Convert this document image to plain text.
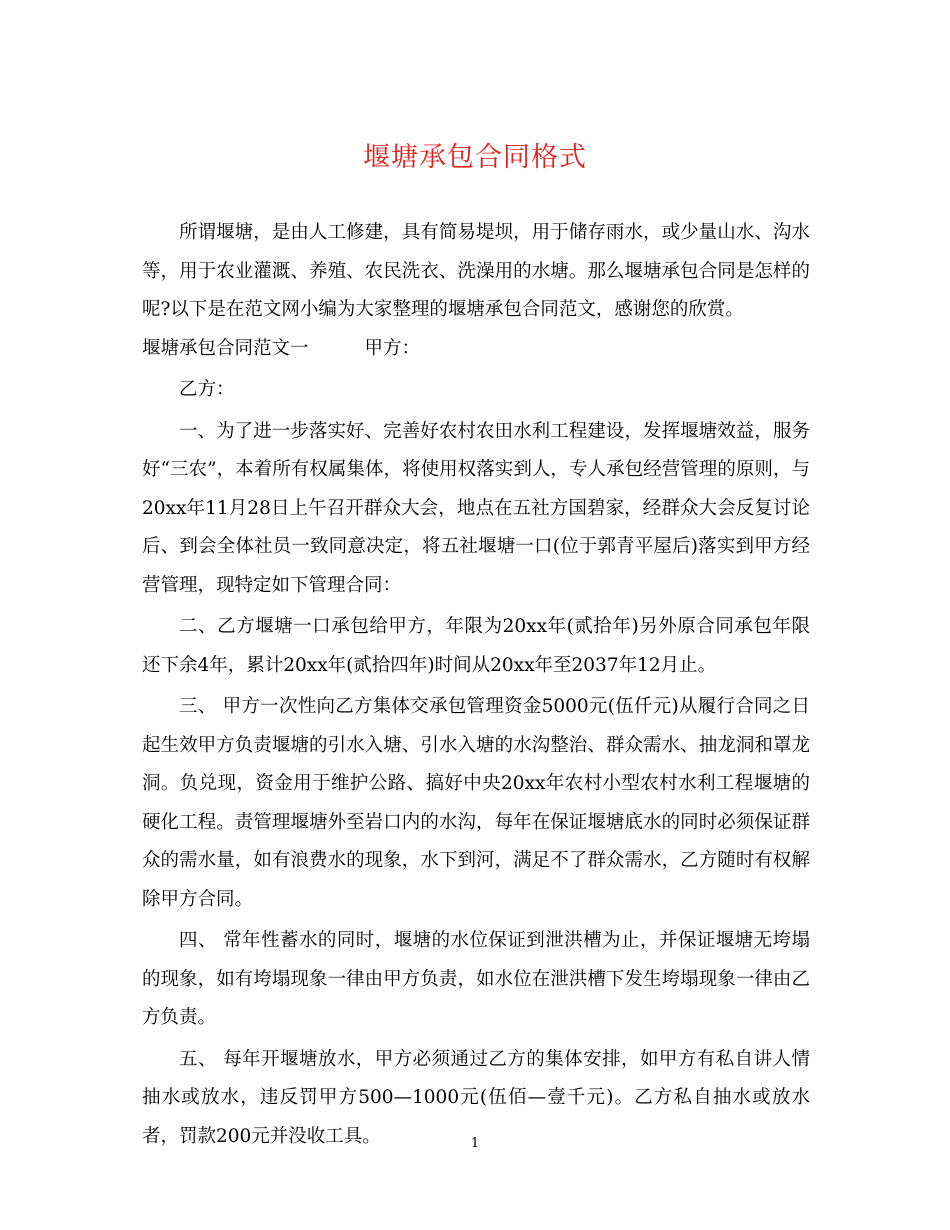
堰塘承包合同格式

所谓堰塘，是由人工修建，具有简易堤坝，用于储存雨水，或少量山水、沟水等，用于农业灌溉、养殖、农民洗衣、洗澡用的水塘。那么堰塘承包合同是怎样的呢?以下是在范文网小编为大家整理的堰塘承包合同范文，感谢您的欣赏。

堰塘承包合同范文一	甲方：

乙方：

一、为了进一步落实好、完善好农村农田水利工程建设，发挥堰塘效益，服务好“三农”，本着所有权属集体，将使用权落实到人，专人承包经营管理的原则，与20xx年11月28日上午召开群众大会，地点在五社方国碧家，经群众大会反复讨论后、到会全体社员一致同意决定，将五社堰塘一口(位于郭青平屋后)落实到甲方经营管理，现特定如下管理合同：

二、乙方堰塘一口承包给甲方，年限为20xx年(贰拾年)另外原合同承包年限还下余4年，累计20xx年(贰拾四年)时间从20xx年至2037年12月止。

三、 甲方一次性向乙方集体交承包管理资金5000元(伍仟元)从履行合同之日起生效甲方负责堰塘的引水入塘、引水入塘的水沟整治、群众需水、抽龙洞和罩龙洞。负兑现，资金用于维护公路、搞好中央20xx年农村小型农村水利工程堰塘的硬化工程。责管理堰塘外至岩口内的水沟，每年在保证堰塘底水的同时必须保证群众的需水量，如有浪费水的现象，水下到河，满足不了群众需水，乙方随时有权解除甲方合同。

四、 常年性蓄水的同时，堰塘的水位保证到泄洪槽为止，并保证堰塘无垮塌的现象，如有垮塌现象一律由甲方负责，如水位在泄洪槽下发生垮塌现象一律由乙方负责。

五、 每年开堰塘放水，甲方必须通过乙方的集体安排，如甲方有私自讲人情抽水或放水，违反罚甲方500—1000元(伍佰—壹千元)。乙方私自抽水或放水者，罚款200元并没收工具。	1
